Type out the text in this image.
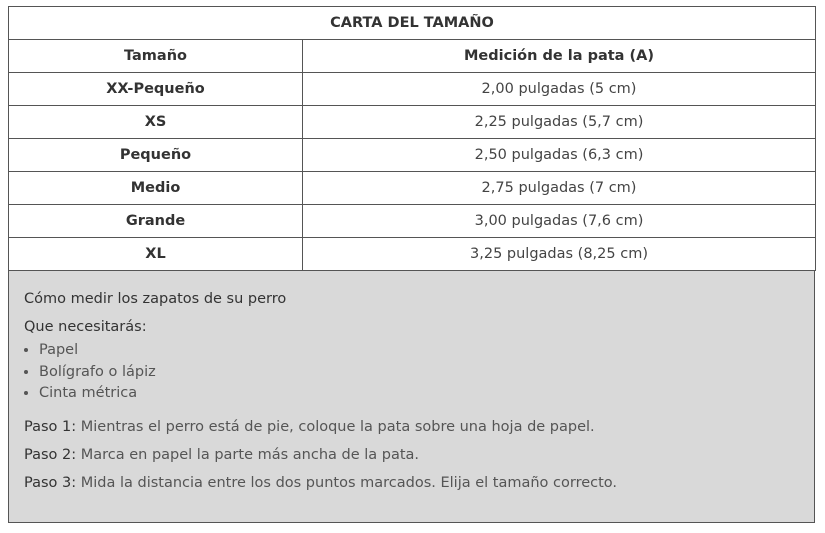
CARTA DEL TAMAÑO	
Tamaño	Medición de la pata (A)
XX-Pequeño	2,00 pulgadas (5 cm)
XS	2,25 pulgadas (5,7 cm)
Pequeño	2,50 pulgadas (6,3 cm)
Medio	2,75 pulgadas (7 cm)
Grande	3,00 pulgadas (7,6 cm)
XL	3,25 pulgadas (8,25 cm)

Cómo medir los zapatos de su perro

Que necesitarás:

• Papel
• Bolígrafo o lápiz
• Cinta métrica

Paso 1: Mientras el perro está de pie, coloque la pata sobre una hoja de papel.

Paso 2: Marca en papel la parte más ancha de la pata.

Paso 3: Mida la distancia entre los dos puntos marcados. Elija el tamaño correcto.
